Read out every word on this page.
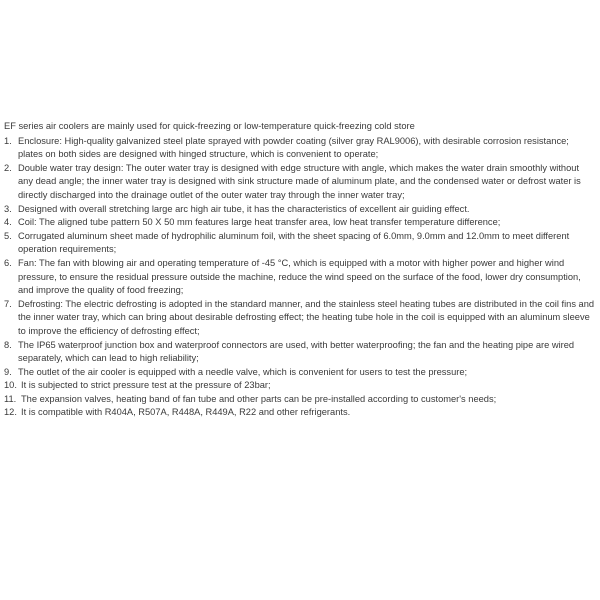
EF series air coolers are mainly used for quick-freezing or low-temperature quick-freezing cold store

1. Enclosure: High-quality galvanized steel plate sprayed with powder coating (silver gray RAL9006), with desirable corrosion resistance; plates on both sides are designed with hinged structure, which is convenient to operate;
2. Double water tray design: The outer water tray is designed with edge structure with angle, which makes the water drain smoothly without any dead angle; the inner water tray is designed with sink structure made of aluminum plate, and the condensed water or defrost water is directly discharged into the drainage outlet of the outer water tray through the inner water tray;
3. Designed with overall stretching large arc high air tube, it has the characteristics of excellent air guiding effect.
4. Coil: The aligned tube pattern 50 X 50 mm features large heat transfer area, low heat transfer temperature difference;
5. Corrugated aluminum sheet made of hydrophilic aluminum foil, with the sheet spacing of 6.0mm, 9.0mm and 12.0mm to meet different operation requirements;
6. Fan: The fan with blowing air and operating temperature of -45 °C, which is equipped with a motor with higher power and higher wind pressure, to ensure the residual pressure outside the machine, reduce the wind speed on the surface of the food, lower dry consumption, and improve the quality of food freezing;
7. Defrosting: The electric defrosting is adopted in the standard manner, and the stainless steel heating tubes are distributed in the coil fins and the inner water tray, which can bring about desirable defrosting effect; the heating tube hole in the coil is equipped with an aluminum sleeve to improve the efficiency of defrosting effect;
8. The IP65 waterproof junction box and waterproof connectors are used, with better waterproofing; the fan and the heating pipe are wired separately, which can lead to high reliability;
9. The outlet of the air cooler is equipped with a needle valve, which is convenient for users to test the pressure;
10. It is subjected to strict pressure test at the pressure of 23bar;
11. The expansion valves, heating band of fan tube and other parts can be pre-installed according to customer's needs;
12. It is compatible with R404A, R507A, R448A, R449A, R22 and other refrigerants.
